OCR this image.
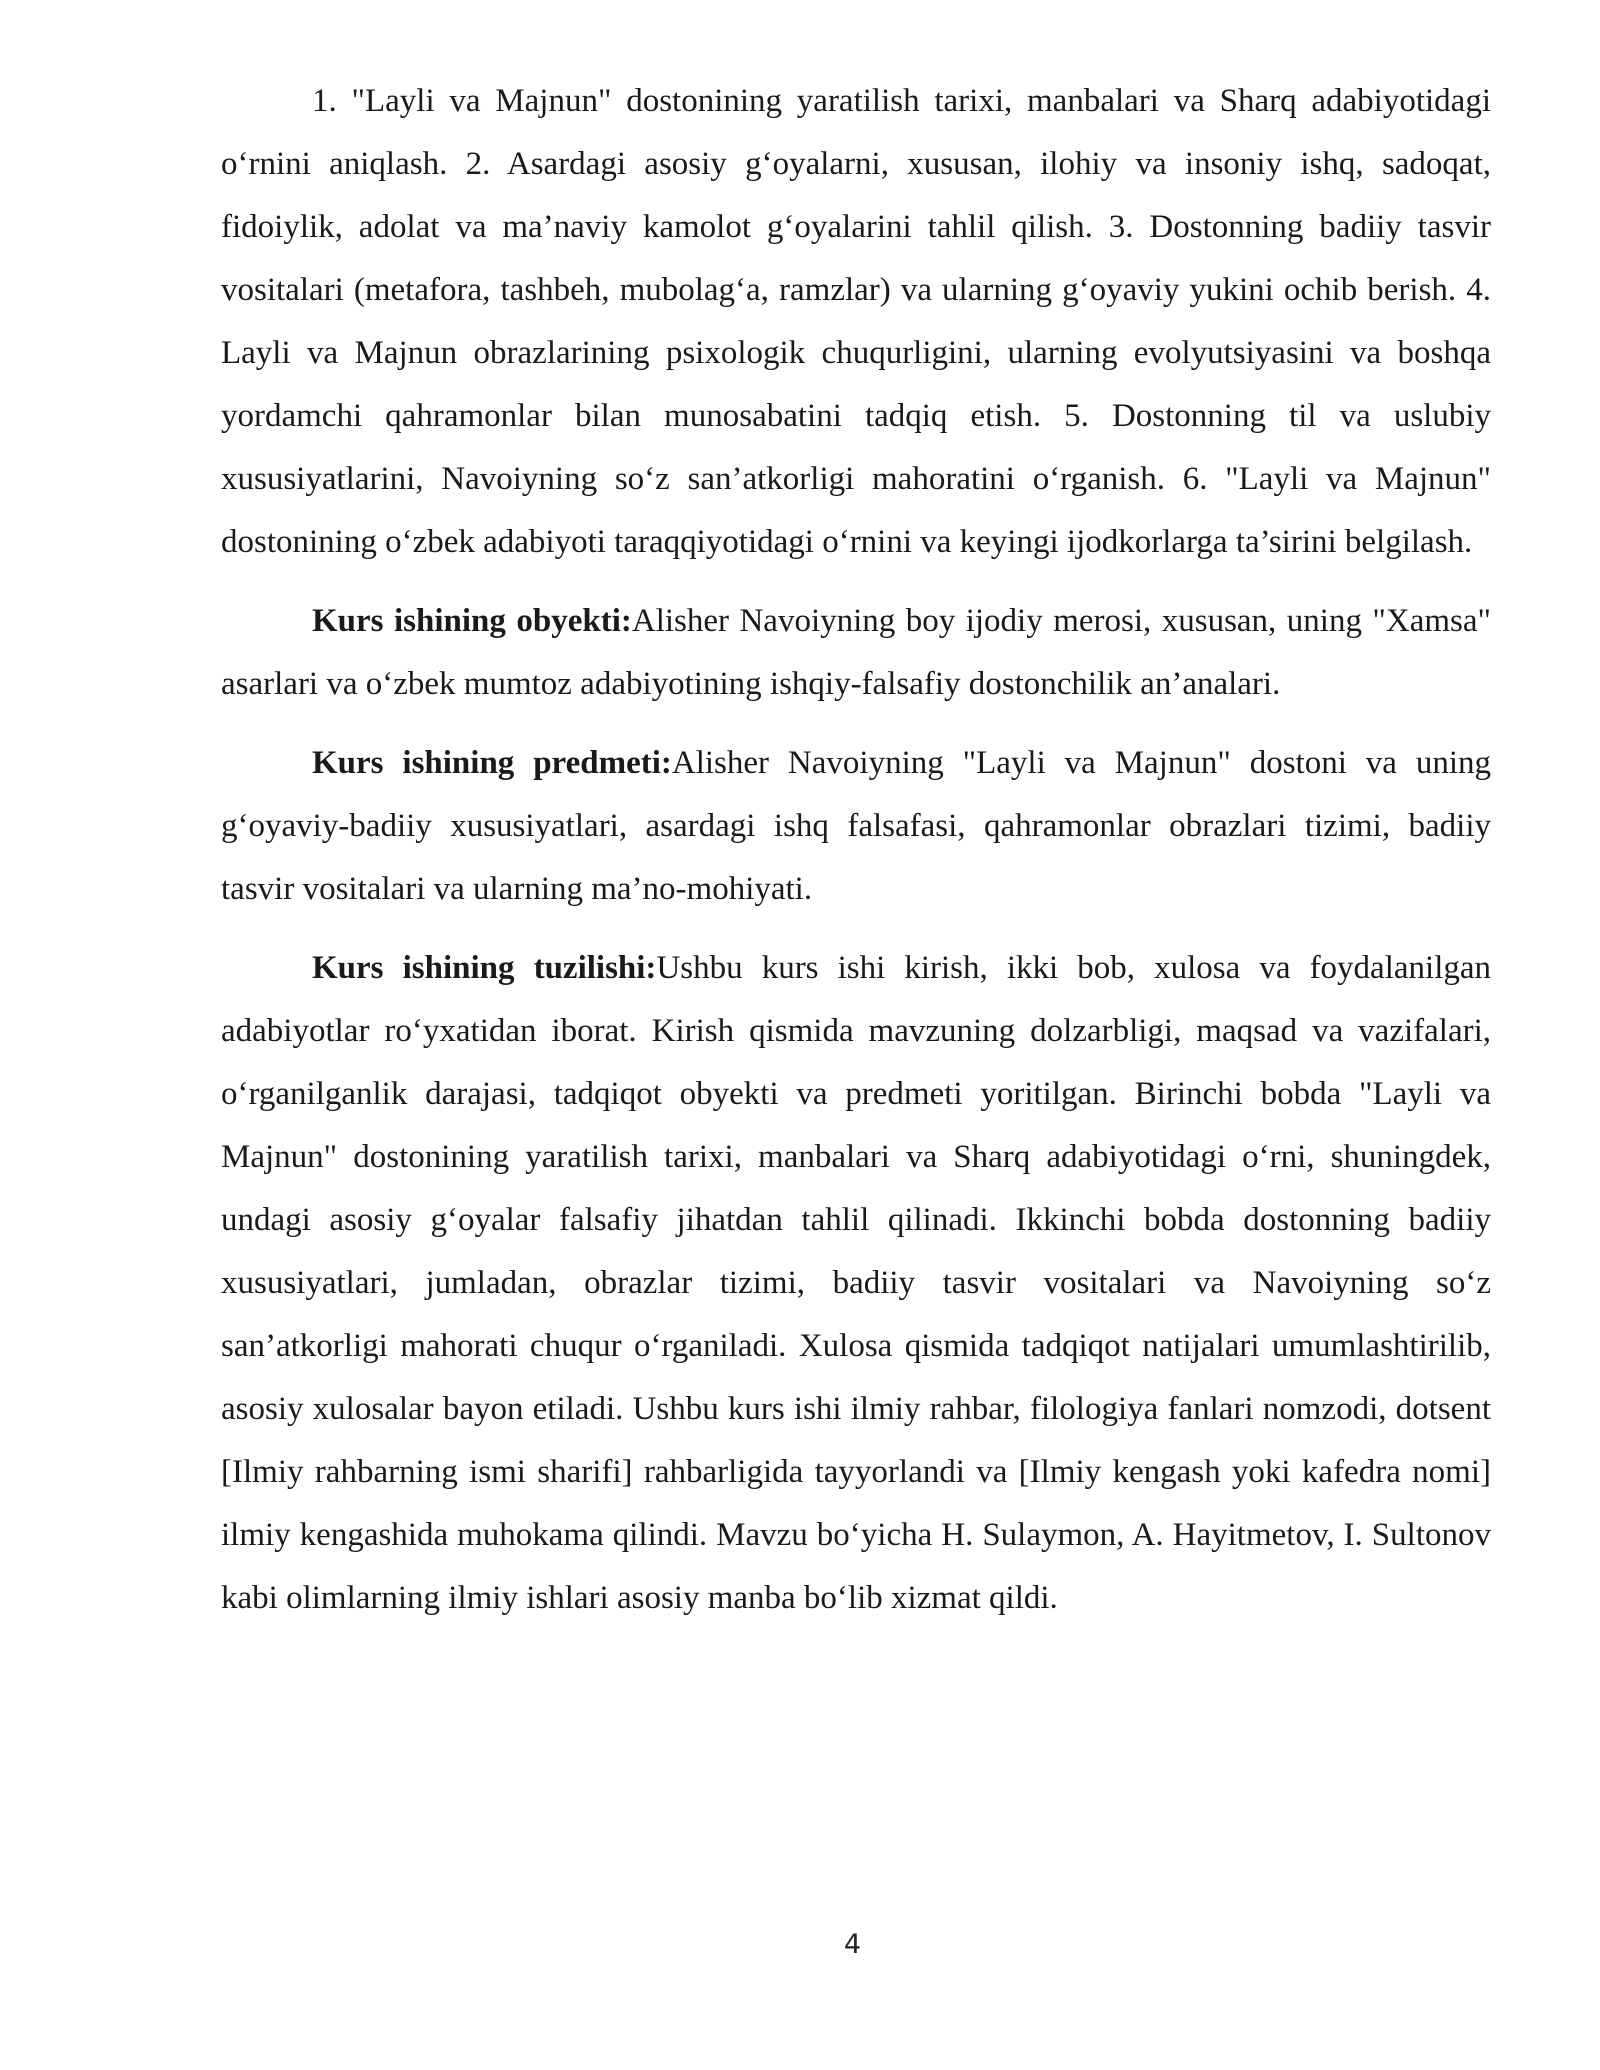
1. "Layli va Majnun" dostonining yaratilish tarixi, manbalari va Sharq adabiyotidagi o‘rnini aniqlash. 2. Asardagi asosiy g‘oyalarni, xususan, ilohiy va insoniy ishq, sadoqat, fidoiylik, adolat va ma’naviy kamolot g‘oyalarini tahlil qilish. 3. Dostonning badiiy tasvir vositalari (metafora, tashbeh, mubolag‘a, ramzlar) va ularning g‘oyaviy yukini ochib berish. 4. Layli va Majnun obrazlarining psixologik chuqurligini, ularning evolyutsiyasini va boshqa yordamchi qahramonlar bilan munosabatini tadqiq etish. 5. Dostonning til va uslubiy xususiyatlarini, Navoiyning so‘z san’atkorligi mahoratini o‘rganish. 6. "Layli va Majnun" dostonining o‘zbek adabiyoti taraqqiyotidagi o‘rnini va keyingi ijodkorlarga ta’sirini belgilash.

Kurs ishining obyekti:Alisher Navoiyning boy ijodiy merosi, xususan, uning "Xamsa" asarlari va o‘zbek mumtoz adabiyotining ishqiy-falsafiy dostonchilik an’analari.

Kurs ishining predmeti:Alisher Navoiyning "Layli va Majnun" dostoni va uning g‘oyaviy-badiiy xususiyatlari, asardagi ishq falsafasi, qahramonlar obrazlari tizimi, badiiy tasvir vositalari va ularning ma’no-mohiyati.

Kurs ishining tuzilishi:Ushbu kurs ishi kirish, ikki bob, xulosa va foydalanilgan adabiyotlar ro‘yxatidan iborat. Kirish qismida mavzuning dolzarbligi, maqsad va vazifalari, o‘rganilganlik darajasi, tadqiqot obyekti va predmeti yoritilgan. Birinchi bobda "Layli va Majnun" dostonining yaratilish tarixi, manbalari va Sharq adabiyotidagi o‘rni, shuningdek, undagi asosiy g‘oyalar falsafiy jihatdan tahlil qilinadi. Ikkinchi bobda dostonning badiiy xususiyatlari, jumladan, obrazlar tizimi, badiiy tasvir vositalari va Navoiyning so‘z san’atkorligi mahorati chuqur o‘rganiladi. Xulosa qismida tadqiqot natijalari umumlashtirilib, asosiy xulosalar bayon etiladi. Ushbu kurs ishi ilmiy rahbar, filologiya fanlari nomzodi, dotsent [Ilmiy rahbarning ismi sharifi] rahbarligida tayyorlandi va [Ilmiy kengash yoki kafedra nomi] ilmiy kengashida muhokama qilindi. Mavzu bo‘yicha H. Sulaymon, A. Hayitmetov, I. Sultonov kabi olimlarning ilmiy ishlari asosiy manba bo‘lib xizmat qildi.

4
